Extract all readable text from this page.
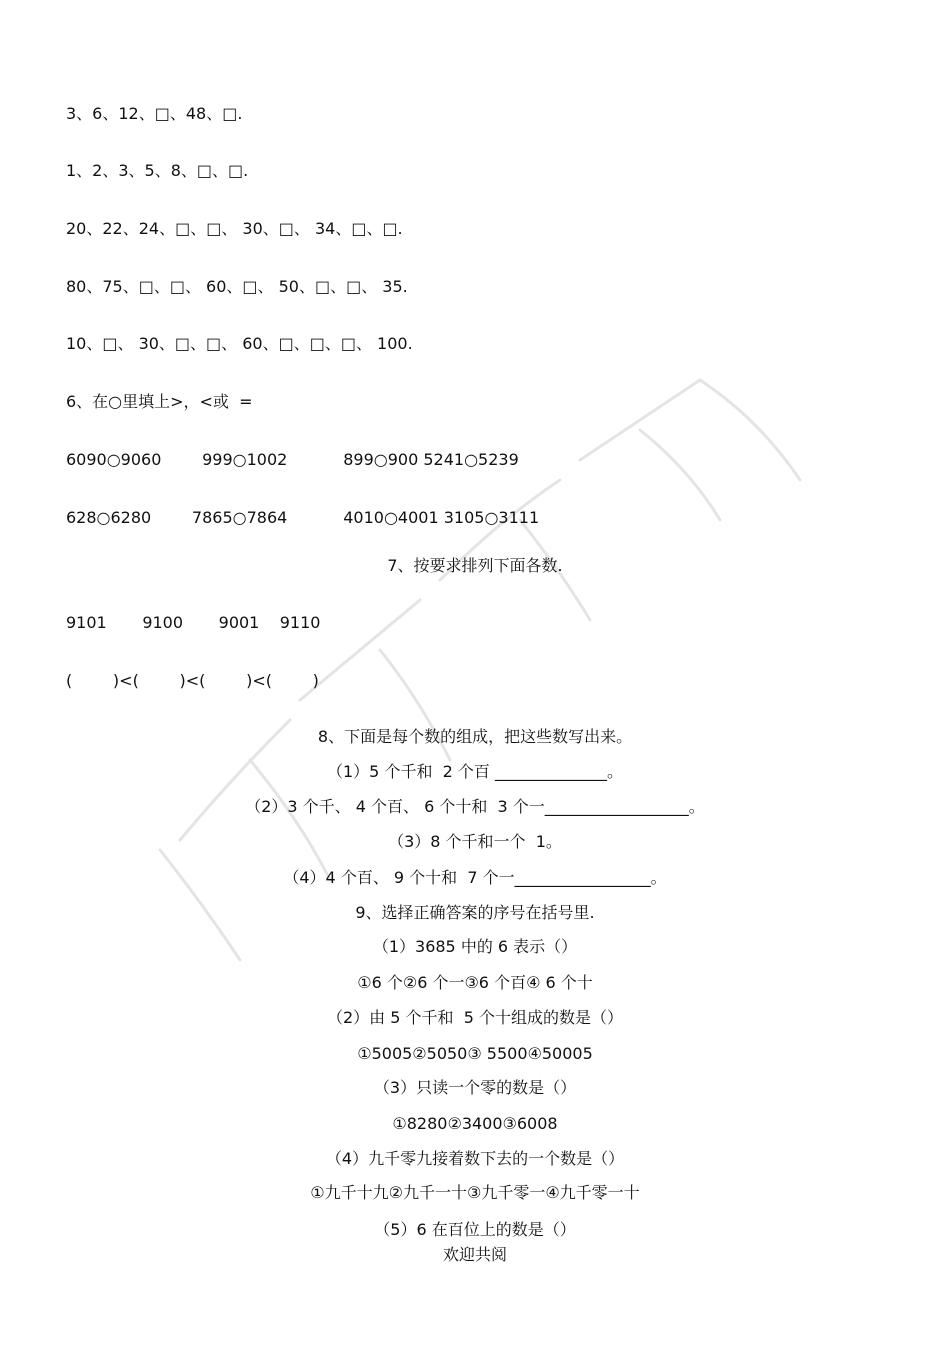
3、6、12、□、48、□.
1、2、3、5、8、□、□.
20、22、24、□、□、 30、□、 34、□、□.
80、75、□、□、 60、□、 50、□、□、 35.
10、□、 30、□、□、 60、□、□、□、 100.
6、在○里填上>，<或  =
6090○9060        999○1002           899○900 5241○5239
628○6280        7865○7864           4010○4001 3105○3111
7、按要求排列下面各数.
9101       9100       9001    9110
(        )<(        )<(        )<(        )
8、下面是每个数的组成，把这些数写出来。
（1）5 个千和  2 个百 ______________。
（2）3 个千、 4 个百、 6 个十和  3 个一__________________。
（3）8 个千和一个  1。
（4）4 个百、 9 个十和  7 个一_________________。
9、选择正确答案的序号在括号里.
（1）3685 中的 6 表示（）
①6 个②6 个一③6 个百④ 6 个十
（2）由 5 个千和  5 个十组成的数是（）
①5005②5050③ 5500④50005
（3）只读一个零的数是（）
①8280②3400③6008
（4）九千零九接着数下去的一个数是（）
①九千十九②九千一十③九千零一④九千零一十
（5）6 在百位上的数是（）
欢迎共阅
